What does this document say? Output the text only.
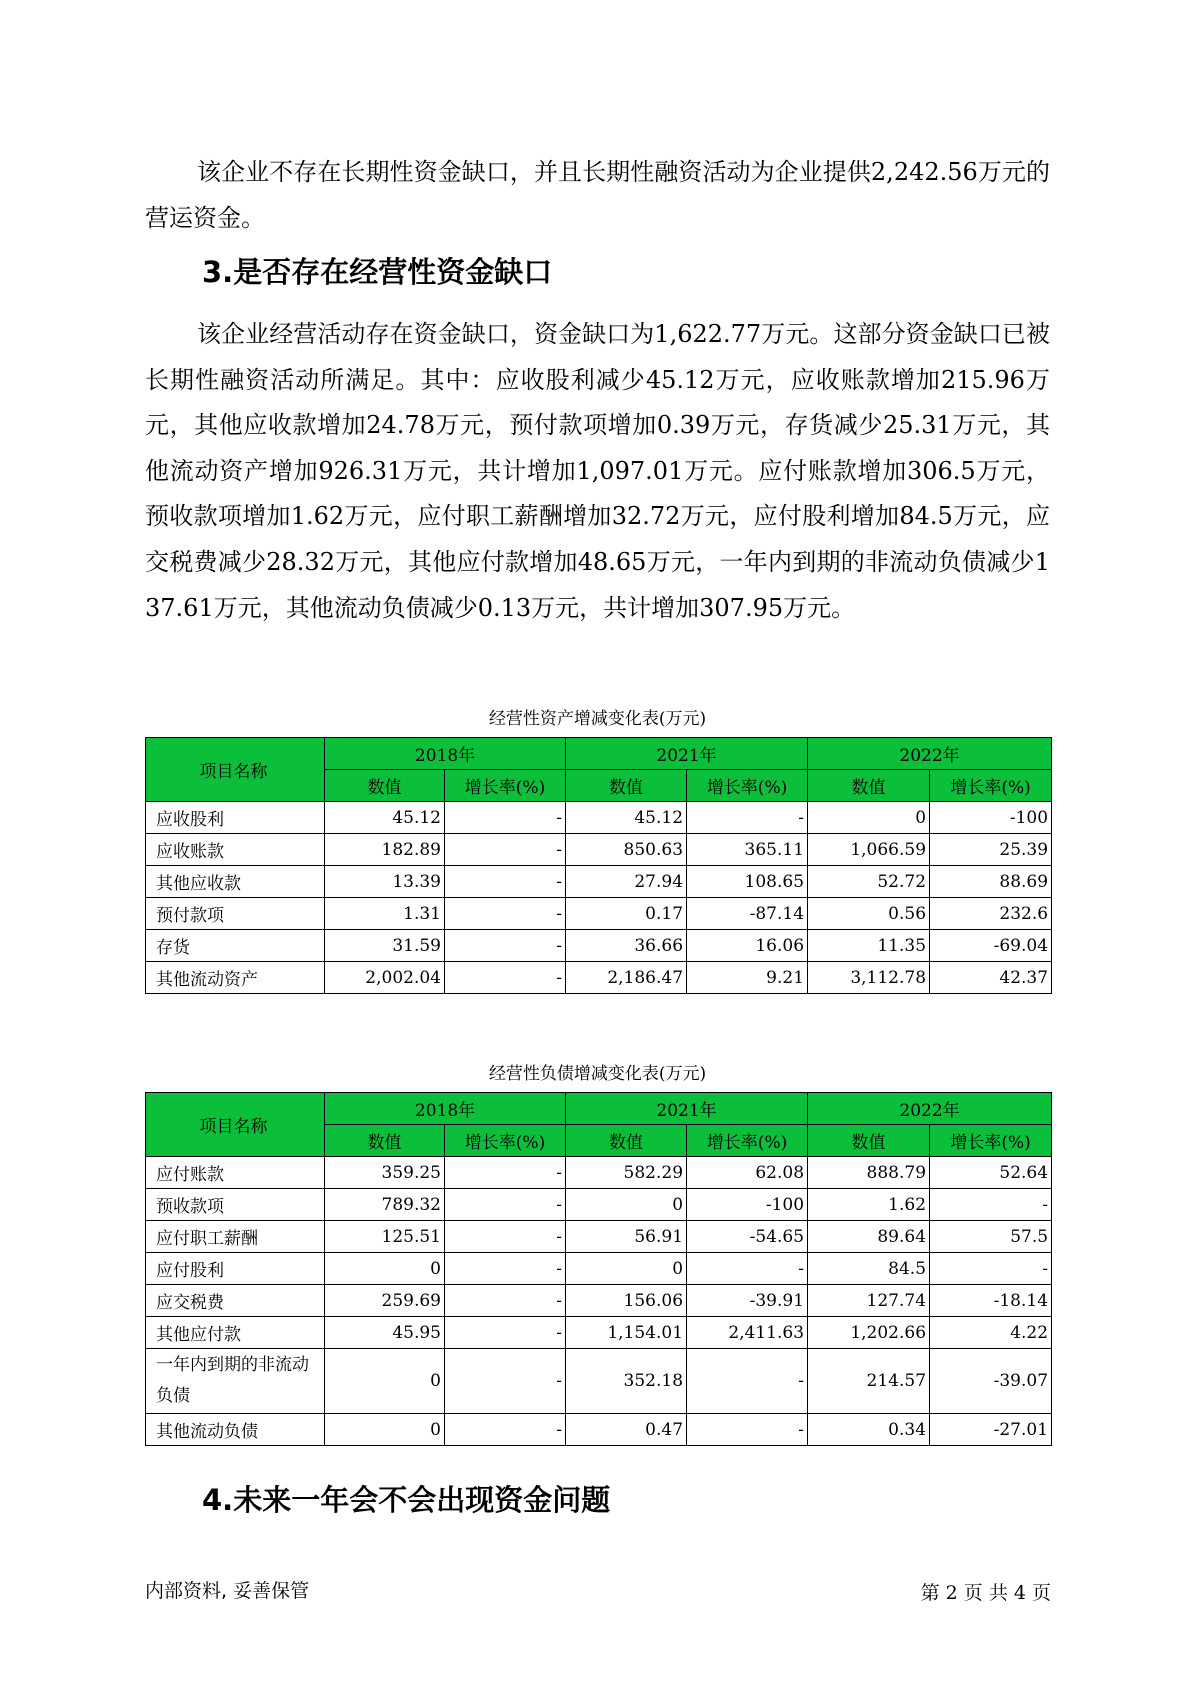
该企业不存在长期性资金缺口，并且长期性融资活动为企业提供2,242.56万元的营运资金。

3.是否存在经营性资金缺口

该企业经营活动存在资金缺口，资金缺口为1,622.77万元。这部分资金缺口已被长期性融资活动所满足。其中：应收股利减少45.12万元，应收账款增加215.96万元，其他应收款增加24.78万元，预付款项增加0.39万元，存货减少25.31万元，其他流动资产增加926.31万元，共计增加1,097.01万元。应付账款增加306.5万元，预收款项增加1.62万元，应付职工薪酬增加32.72万元，应付股利增加84.5万元，应交税费减少28.32万元，其他应付款增加48.65万元，一年内到期的非流动负债减少137.61万元，其他流动负债减少0.13万元，共计增加307.95万元。

经营性资产增减变化表(万元)

项目名称	2018年		2021年		2022年	
	数值	增长率(%)	数值	增长率(%)	数值	增长率(%)
应收股利	45.12	-	45.12	-	0	-100
应收账款	182.89	-	850.63	365.11	1,066.59	25.39
其他应收款	13.39	-	27.94	108.65	52.72	88.69
预付款项	1.31	-	0.17	-87.14	0.56	232.6
存货	31.59	-	36.66	16.06	11.35	-69.04
其他流动资产	2,002.04	-	2,186.47	9.21	3,112.78	42.37

经营性负债增减变化表(万元)

项目名称	2018年		2021年		2022年	
	数值	增长率(%)	数值	增长率(%)	数值	增长率(%)
应付账款	359.25	-	582.29	62.08	888.79	52.64
预收款项	789.32	-	0	-100	1.62	-
应付职工薪酬	125.51	-	56.91	-54.65	89.64	57.5
应付股利	0	-	0	-	84.5	-
应交税费	259.69	-	156.06	-39.91	127.74	-18.14
其他应付款	45.95	-	1,154.01	2,411.63	1,202.66	4.22
一年内到期的非流动负债	0	-	352.18	-	214.57	-39.07
其他流动负债	0	-	0.47	-	0.34	-27.01
4.未来一年会不会出现资金问题

内部资料, 妥善保管	第 2 页 共 4 页
